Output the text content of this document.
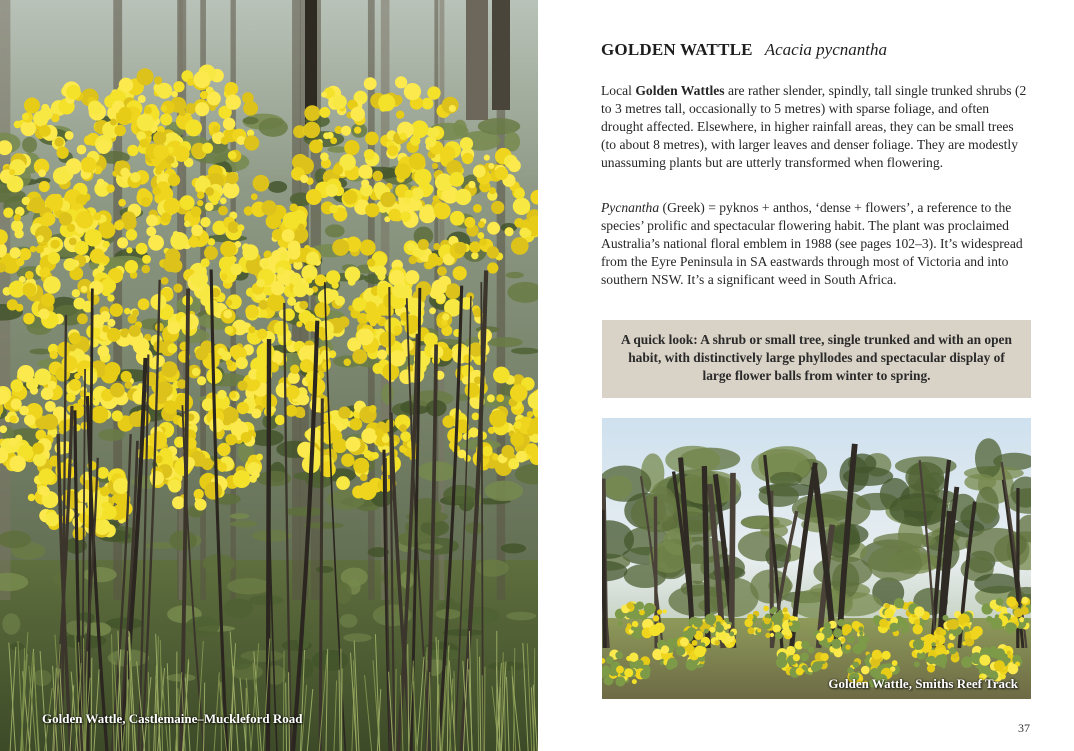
Golden Wattle, Castlemaine–Muckleford Road
GOLDEN WATTLE Acacia pycnantha

Local Golden Wattles are rather slender, spindly, tall single trunked shrubs (2 to 3 metres tall, occasionally to 5 metres) with sparse foliage, and often drought affected. Elsewhere, in higher rainfall areas, they can be small trees (to about 8 metres), with larger leaves and denser foliage. They are modestly unassuming plants but are utterly transformed when flowering.

Pycnantha (Greek) = pyknos + anthos, ‘dense + flowers’, a reference to the species’ prolific and spectacular flowering habit. The plant was proclaimed Australia’s national floral emblem in 1988 (see pages 102–3). It’s widespread from the Eyre Peninsula in SA eastwards through most of Victoria and into southern NSW. It’s a significant weed in South Africa.

A quick look: A shrub or small tree, single trunked and with an open habit, with distinctively large phyllodes and spectacular display of large flower balls from winter to spring.
Golden Wattle, Smiths Reef Track
37
